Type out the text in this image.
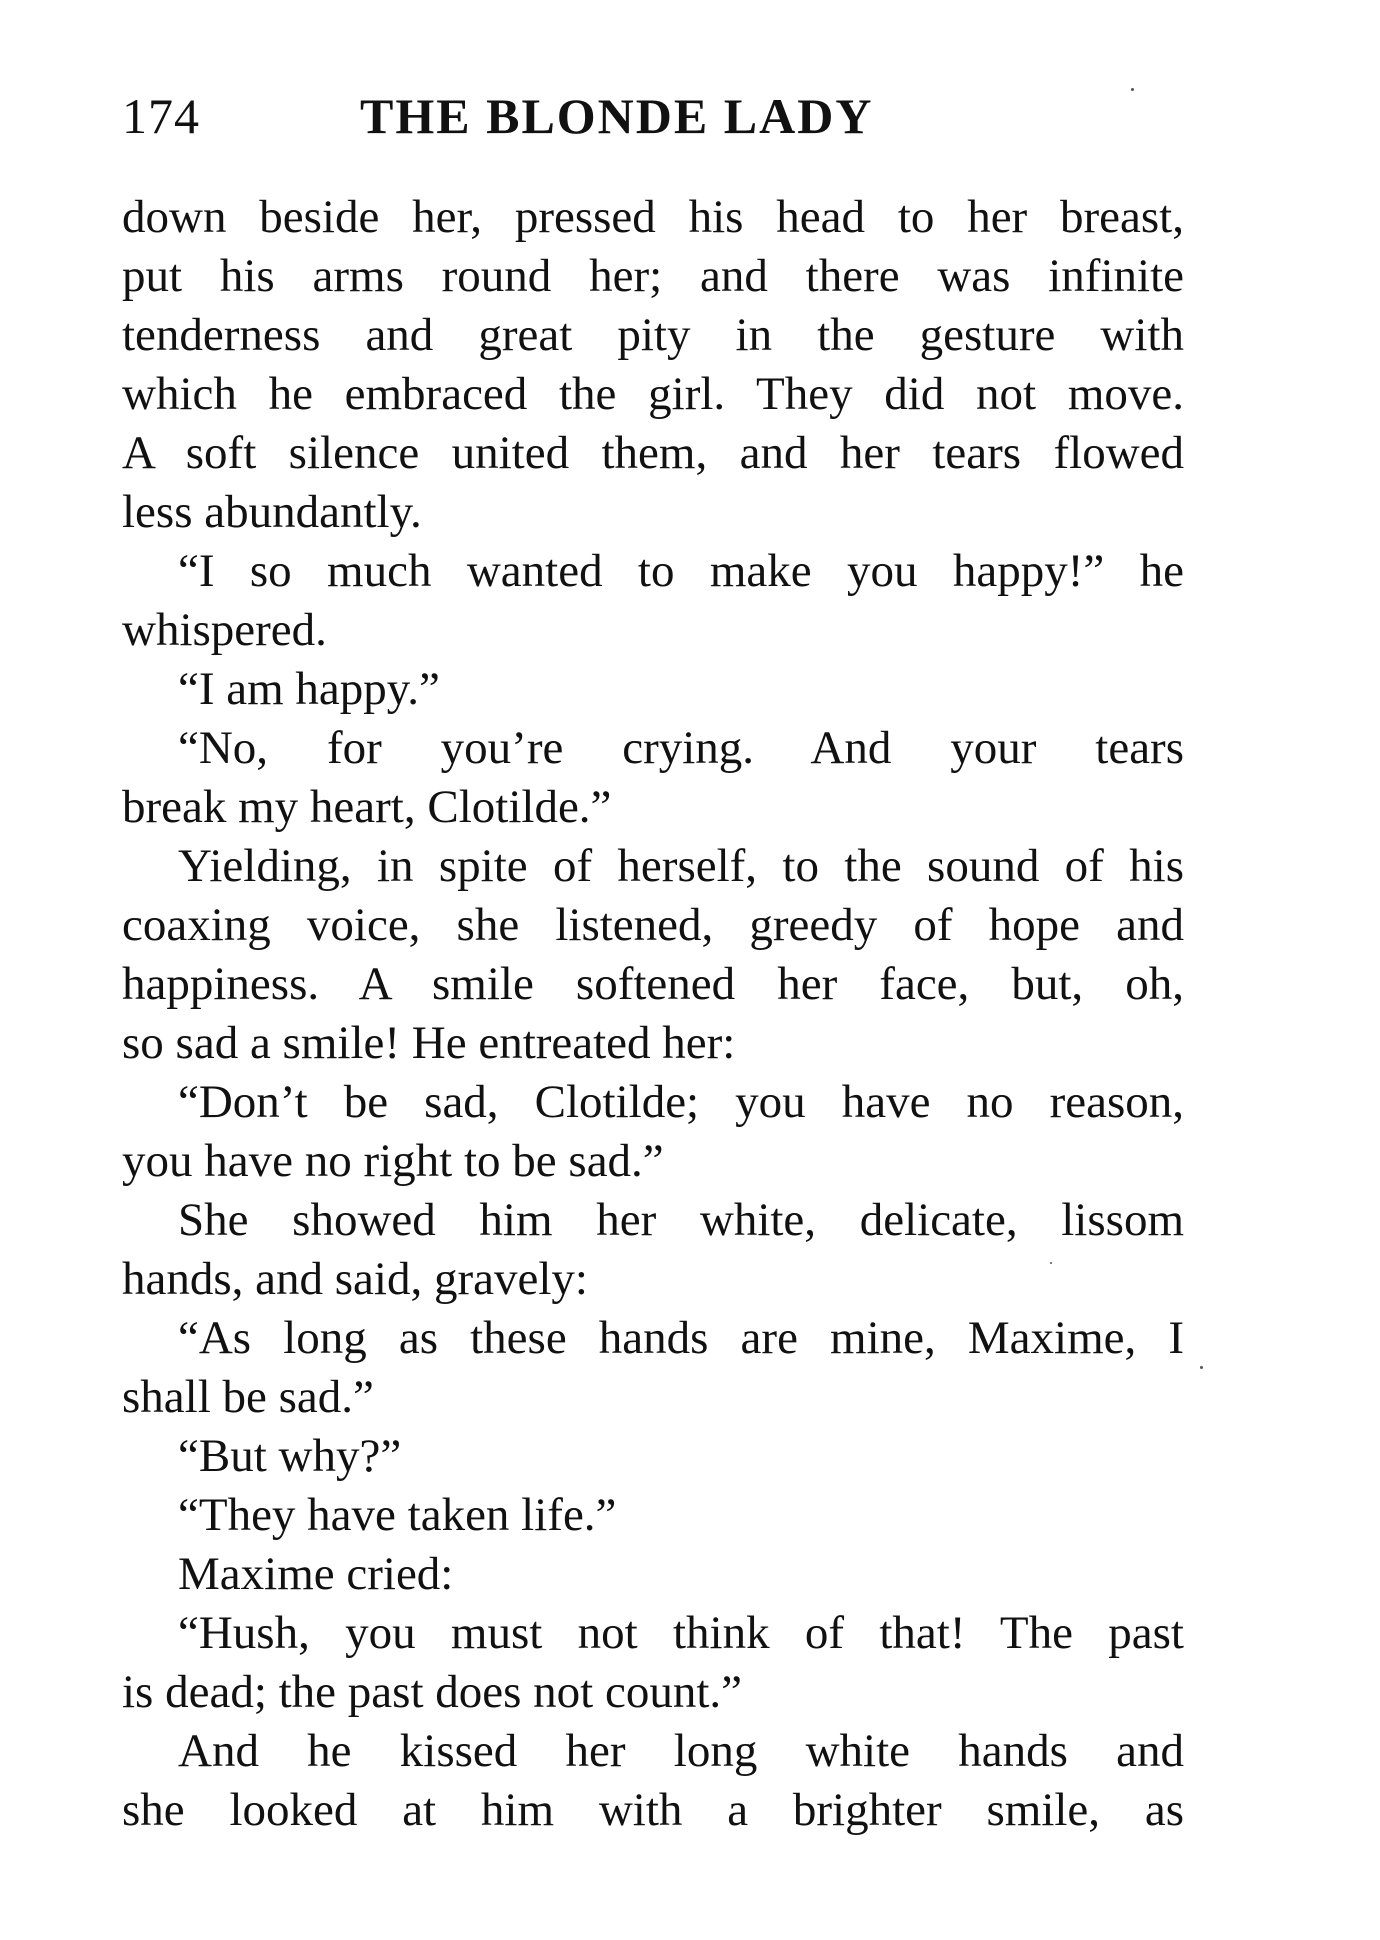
174	THE BLONDE LADY
down beside her, pressed his head to her breast,
put his arms round her; and there was infinite
tenderness and great pity in the gesture with
which he embraced the girl. They did not move.
A soft silence united them, and her tears flowed
less abundantly.
“I so much wanted to make you happy!” he
whispered.
“I am happy.”
“No, for you’re crying. And your tears
break my heart, Clotilde.”
Yielding, in spite of herself, to the sound of his
coaxing voice, she listened, greedy of hope and
happiness. A smile softened her face, but, oh,
so sad a smile! He entreated her:
“Don’t be sad, Clotilde; you have no reason,
you have no right to be sad.”
She showed him her white, delicate, lissom
hands, and said, gravely:
“As long as these hands are mine, Maxime, I
shall be sad.”
“But why?”
“They have taken life.”
Maxime cried:
“Hush, you must not think of that! The past
is dead; the past does not count.”
And he kissed her long white hands and
she looked at him with a brighter smile, as
